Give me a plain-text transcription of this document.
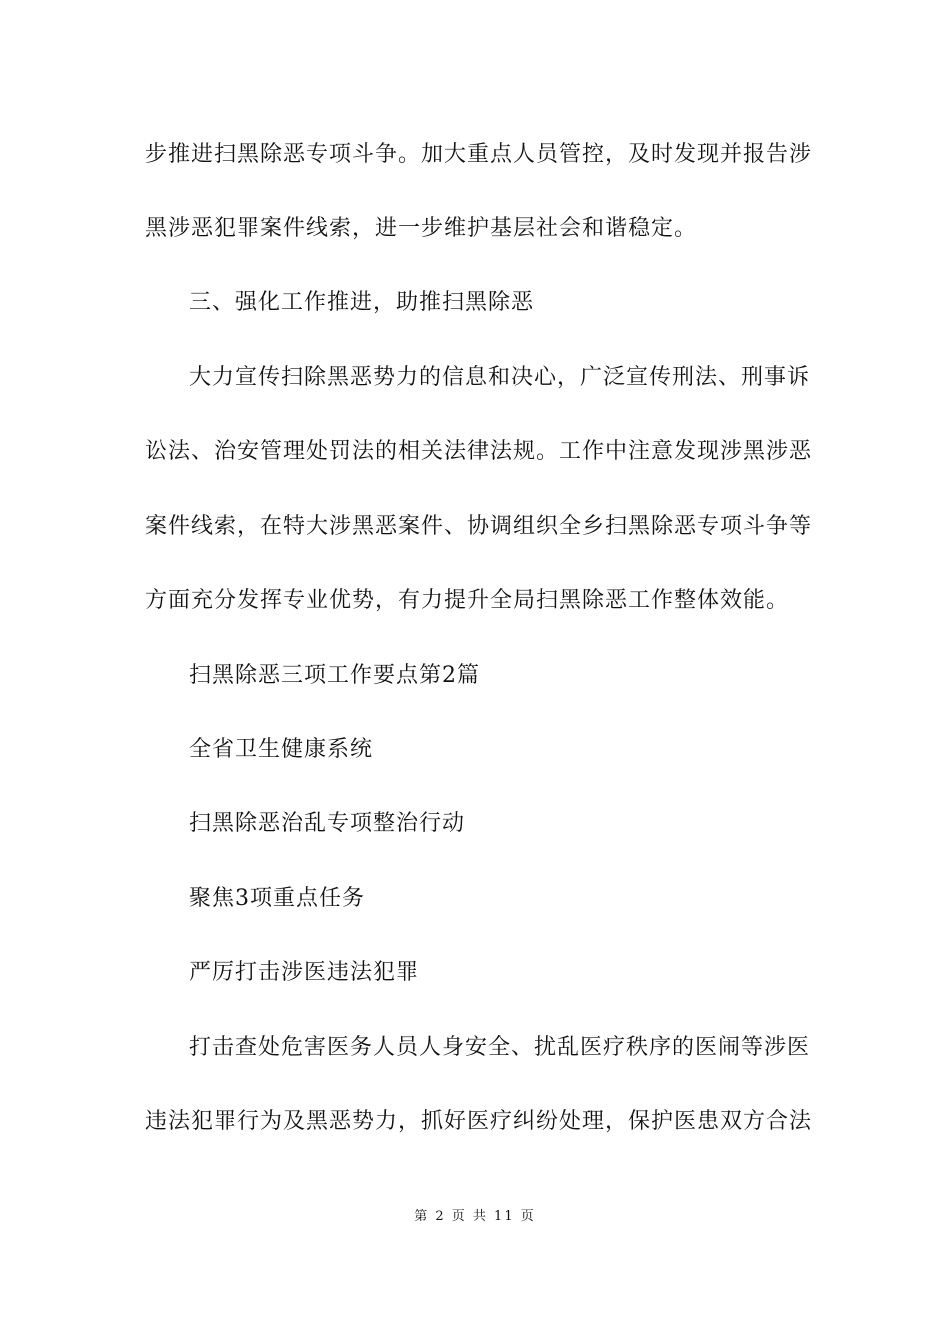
步推进扫黑除恶专项斗争。加大重点人员管控，及时发现并报告涉
黑涉恶犯罪案件线索，进一步维护基层社会和谐稳定。
三、强化工作推进，助推扫黑除恶
大力宣传扫除黑恶势力的信息和决心，广泛宣传刑法、刑事诉
讼法、治安管理处罚法的相关法律法规。工作中注意发现涉黑涉恶
案件线索，在特大涉黑恶案件、协调组织全乡扫黑除恶专项斗争等
方面充分发挥专业优势，有力提升全局扫黑除恶工作整体效能。
扫黑除恶三项工作要点第2篇
全省卫生健康系统
扫黑除恶治乱专项整治行动
聚焦3项重点任务
严厉打击涉医违法犯罪
打击查处危害医务人员人身安全、扰乱医疗秩序的医闹等涉医
违法犯罪行为及黑恶势力，抓好医疗纠纷处理，保护医患双方合法
第 2 页 共 11 页
